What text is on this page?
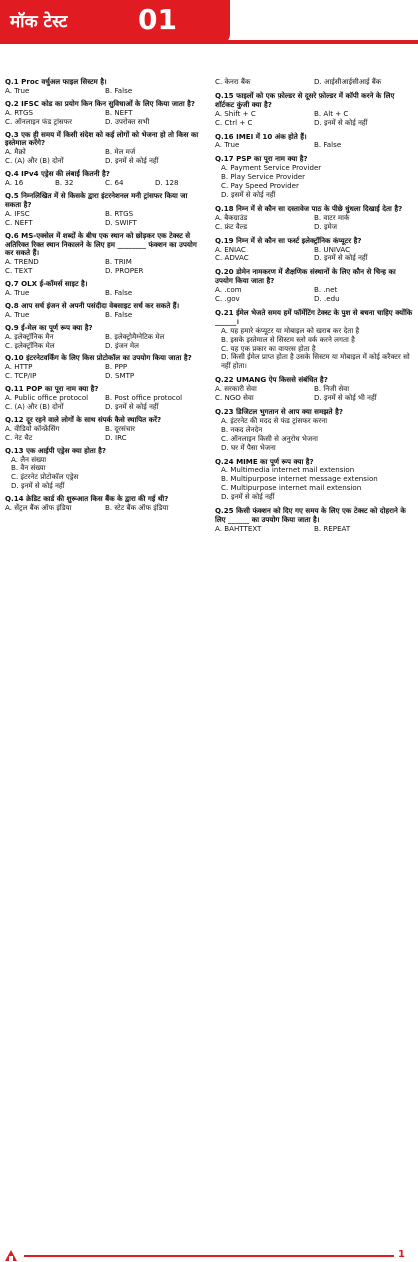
मॉक टेस्ट	01
Q.1 Proc वर्चुअल फाइल सिस्टम है।
A. True	B. False
Q.2 IFSC कोड का प्रयोग किन किन सुविधाओं के लिए किया जाता है?
A. RTGS	B. NEFT
C. ऑनलाइन फंड ट्रांसफर	D. उपरोक्त सभी
Q.3 एक ही समय में किसी संदेश को कई लोगों को भेजना हो तो किस का इस्तेमाल करेंगे?
A. मैक्रो	B. मेल मर्ज
C. (A) और (B) दोनों	D. इनमें से कोई नहीं
Q.4 IPv4 एड्रेस की लंबाई कितनी है?
A. 16	B. 32	C. 64	D. 128
Q.5 निम्नलिखित में से किसके द्वारा इंटरनेशनल मनी ट्रांसफर किया जा सकता है?
A. IFSC	B. RTGS
C. NEFT	D. SWIFT
Q.6 MS-एक्सेल में शब्दों के बीच एक स्थान को छोड़कर एक टेक्स्ट से अतिरिक्त रिक्त स्थान निकालने के लिए हम ________ फंक्शन का उपयोग कर सकते हैं।
A. TREND	B. TRIM
C. TEXT	D. PROPER
Q.7 OLX ई-कॉमर्स साइट है।
A. True	B. False
Q.8 आप सर्च इंजन से अपनी पसंदीदा वेबसाइट सर्च कर सकते हैं।
A. True	B. False
Q.9 ई-मेल का पूर्ण रूप क्या है?
A. इलेक्ट्रॉनिक मैन	B. इलेक्ट्रोमैग्नेटिक मेल
C. इलेक्ट्रॉनिक मेल	D. इंजन मेल
Q.10 इंटरनेटवर्किंग के लिए किस प्रोटोकॉल का उपयोग किया जाता है?
A. HTTP	B. PPP
C. TCP/IP	D. SMTP
Q.11 POP का पूरा नाम क्या है?
A. Public office protocol	B. Post office protocol
C. (A) और (B) दोनों	D. इनमें से कोई नहीं
Q.12 दूर रहने वाले लोगों के साथ संपर्क कैसे स्थापित करें?
A. वीडियो कॉन्फ्रेंसिंग	B. दूरसंचार
C. नेट चैट	D. IRC
Q.13 एक आईपी एड्रेस क्या होता है?
A. लैन संख्या
B. वैन संख्या
C. इंटरनेट प्रोटोकॉल एड्रेस
D. इनमें से कोई नहीं
Q.14 क्रेडिट कार्ड की शुरूआत किस बैंक के द्वारा की गई थी?
A. सेंट्रल बैंक ऑफ इंडिया	B. स्टेट बैंक ऑफ इंडिया
C. केनरा बैंक	D. आईसीआईसीआई बैंक
Q.15 फाइलों को एक फ़ोल्डर से दूसरे फ़ोल्डर में कॉपी करने के लिए शॉर्टकट कुंजी क्या है?
A. Shift + C	B. Alt + C
C. Ctrl + C	D. इनमें से कोई नहीं
Q.16 IMEI में 10 अंक होते हैं।
A. True	B. False
Q.17 PSP का पूरा नाम क्या है?
A. Payment Service Provider
B. Play Service Provider
C. Pay Speed Provider
D. इसमें से कोई नहीं
Q.18 निम्न में से कौन सा दस्तावेज पाठ के पीछे धुंधला दिखाई देता है?
A. बैकग्राउंड	B. वाटर मार्क
C. फ्रंट वैल्ड	D. इमेज
Q.19 निम्न में से कौन सा फर्स्ट इलेक्ट्रॉनिक कंप्यूटर है?
A. ENIAC	B. UNIVAC
C. ADVAC	D. इनमें से कोई नहीं
Q.20 डोमेन नामकरण में शैक्षणिक संस्थानों के लिए कौन से चिन्ह का उपयोग किया जाता है?
A. .com	B. .net
C. .gov	D. .edu
Q.21 ईमेल भेजते समय हमें फॉर्मेटिंग टेक्स्ट के पुश से बचना चाहिए क्योंकि ______।
A. यह हमारे कंप्यूटर या मोबाइल को खराब कर देता है
B. इसके इस्तेमाल से सिस्टम स्लो वर्क करने लगता है
C. यह एक प्रकार का वायरस होता है
D. किसी ईमेल प्राप्त होता है उसके सिस्टम या मोबाइल में कोई करैक्टर सो नहीं होता।
Q.22 UMANG ऐप किससे संबंधित है?
A. सरकारी सेवा	B. निजी सेवा
C. NGO सेवा	D. इनमें से कोई भी नहीं
Q.23 डिजिटल भुगतान से आप क्या समझते है?
A. इंटरनेट की मदद से फंड ट्रांसफर करना
B. नकद लेनदेन
C. ऑनलाइन किसी से अनुरोध भेजना
D. घर में पैसा भेजना
Q.24 MIME का पूर्ण रूप क्या है?
A. Multimedia internet mail extension
B. Multipurpose internet message extension
C. Multipurpose internet mail extension
D. इनमें से कोई नहीं
Q.25 किसी फंक्शन को दिए गए समय के लिए एक टेक्स्ट को दोहराने के लिए ______ का उपयोग किया जाता है।
A. BAHTTEXT	B. REPEAT
1
